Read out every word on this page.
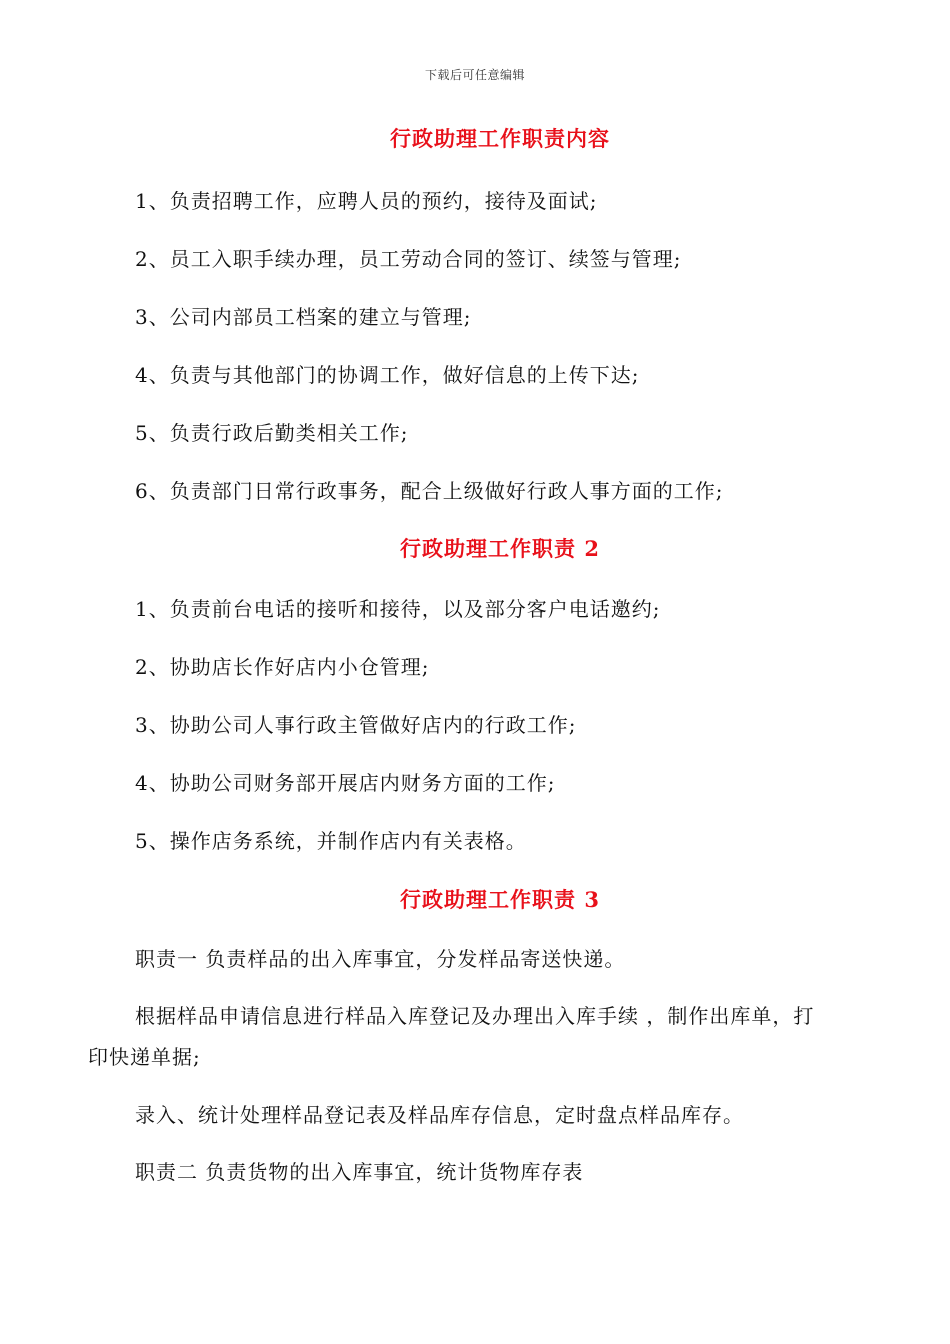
下载后可任意编辑
行政助理工作职责内容
1、负责招聘工作，应聘人员的预约，接待及面试;
2、员工入职手续办理，员工劳动合同的签订、续签与管理;
3、公司内部员工档案的建立与管理;
4、负责与其他部门的协调工作，做好信息的上传下达;
5、负责行政后勤类相关工作;
6、负责部门日常行政事务，配合上级做好行政人事方面的工作;
行政助理工作职责 2
1、负责前台电话的接听和接待，以及部分客户电话邀约;
2、协助店长作好店内小仓管理;
3、协助公司人事行政主管做好店内的行政工作;
4、协助公司财务部开展店内财务方面的工作;
5、操作店务系统，并制作店内有关表格。
行政助理工作职责 3
职责一 负责样品的出入库事宜，分发样品寄送快递。
根据样品申请信息进行样品入库登记及办理出入库手续 ，制作出库单，打
印快递单据;
录入、统计处理样品登记表及样品库存信息，定时盘点样品库存。
职责二 负责货物的出入库事宜，统计货物库存表
